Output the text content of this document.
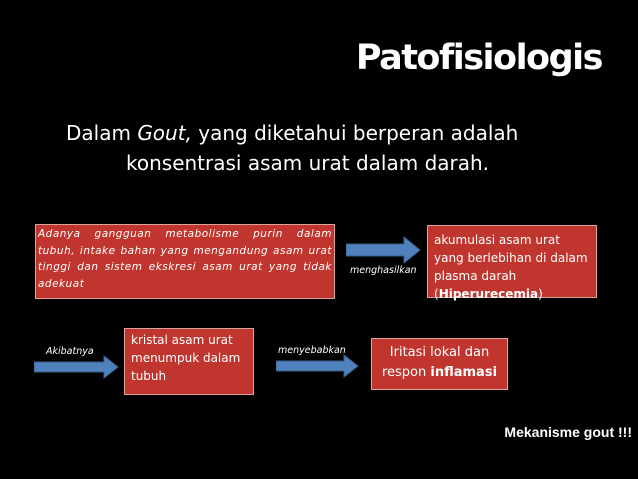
Patofisiologis
Dalam Gout, yang diketahui berperan adalah
konsentrasi asam urat dalam darah.
Adanya gangguan metabolisme purin dalam tubuh, intake bahan yang mengandung asam urat tinggi dan sistem ekskresi asam urat yang tidak adekuat
menghasilkan
akumulasi asam urat yang berlebihan di dalam plasma darah (Hiperurecemia)
Akibatnya
kristal asam urat menumpuk dalam tubuh
menyebabkan	Iritasi lokal dan respon inflamasi
Mekanisme gout !!!
